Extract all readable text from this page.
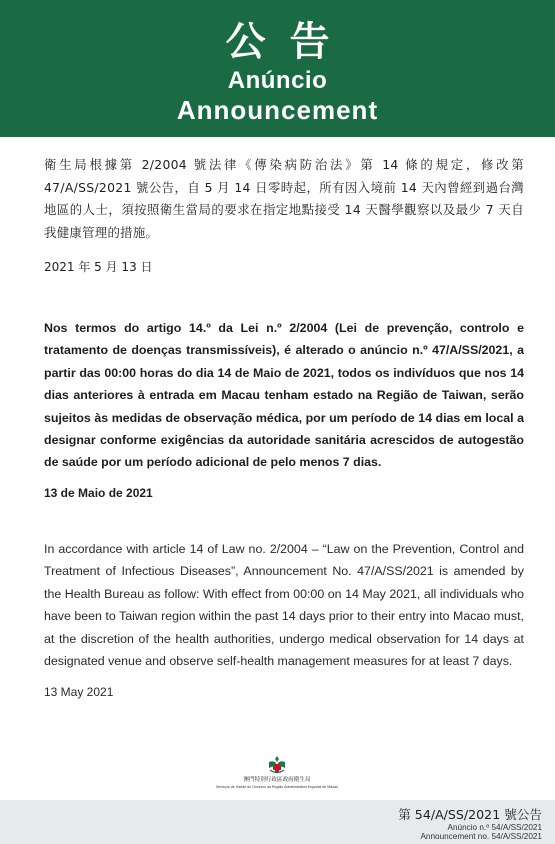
公告
Anúncio
Announcement
衛生局根據第 2/2004 號法律《傳染病防治法》第 14 條的規定，修改第 47/A/SS/2021 號公告，自 5 月 14 日零時起，所有因入境前 14 天內曾經到過台灣地區的人士，須按照衛生當局的要求在指定地點接受 14 天醫學觀察以及最少 7 天自我健康管理的措施。
2021 年 5 月 13 日
Nos termos do artigo 14.º da Lei n.º 2/2004 (Lei de prevenção, controlo e tratamento de doenças transmissíveis), é alterado o anúncio n.º 47/A/SS/2021, a partir das 00:00 horas do dia 14 de Maio de 2021, todos os indivíduos que nos 14 dias anteriores à entrada em Macau tenham estado na Região de Taiwan, serão sujeitos às medidas de observação médica, por um período de 14 dias em local a designar conforme exigências da autoridade sanitária acrescidos de autogestão de saúde por um período adicional de pelo menos 7 dias.
13 de Maio de 2021
In accordance with article 14 of Law no. 2/2004 – “Law on the Prevention, Control and Treatment of Infectious Diseases”, Announcement No. 47/A/SS/2021 is amended by the Health Bureau as follow: With effect from 00:00 on 14 May 2021, all individuals who have been to Taiwan region within the past 14 days prior to their entry into Macao must, at the discretion of the health authorities, undergo medical observation for 14 days at designated venue and observe self-health management measures for at least 7 days.
13 May 2021
澳門特別行政區政府衛生局
Serviços de Saúde do Governo da Região Administrativa Especial de Macau
第 54/A/SS/2021 號公告
Anúncio n.º 54/A/SS/2021
Announcement no. 54/A/SS/2021
